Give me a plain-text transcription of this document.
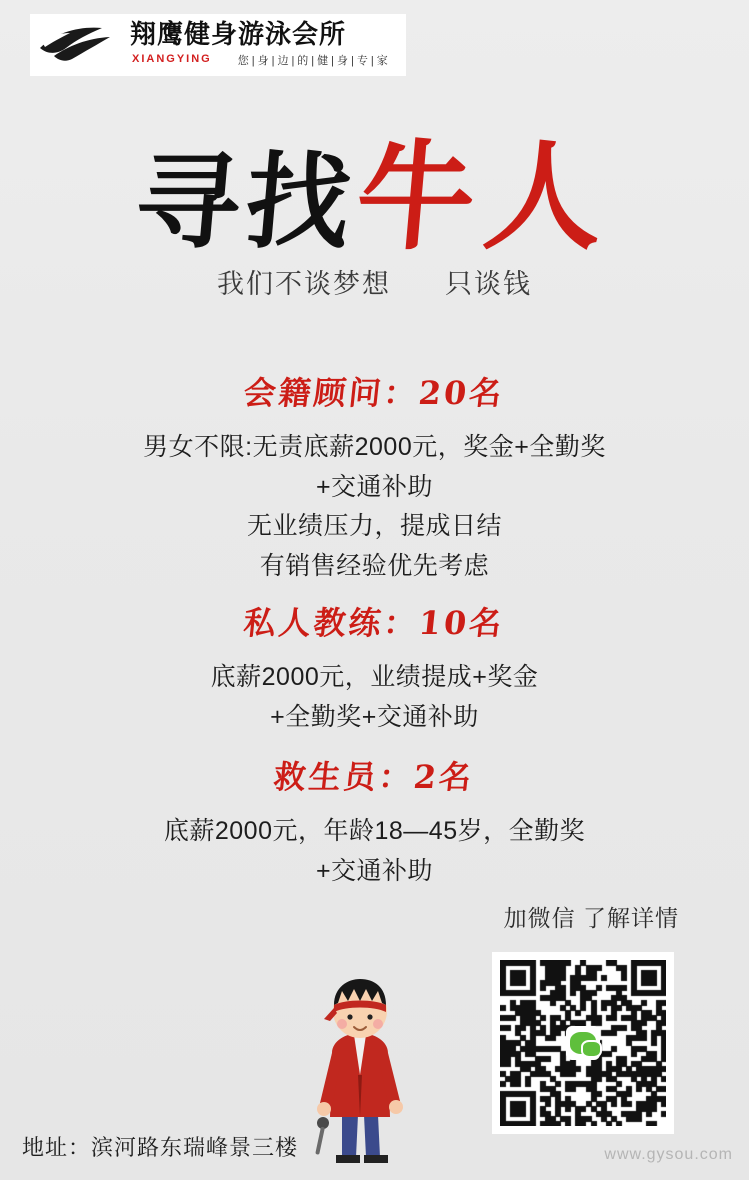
翔鹰健身游泳会所
XIANGYING 您|身|边|的|健|身|专|家
寻找牛人
我们不谈梦想 只谈钱
会籍顾问：20名
男女不限:无责底薪2000元，奖金+全勤奖
+交通补助
无业绩压力，提成日结
有销售经验优先考虑
私人教练：10名
底薪2000元，业绩提成+奖金
+全勤奖+交通补助
救生员：2名
底薪2000元，年龄18—45岁，全勤奖
+交通补助
加微信 了解详情
地址：滨河路东瑞峰景三楼	www.gysou.com
